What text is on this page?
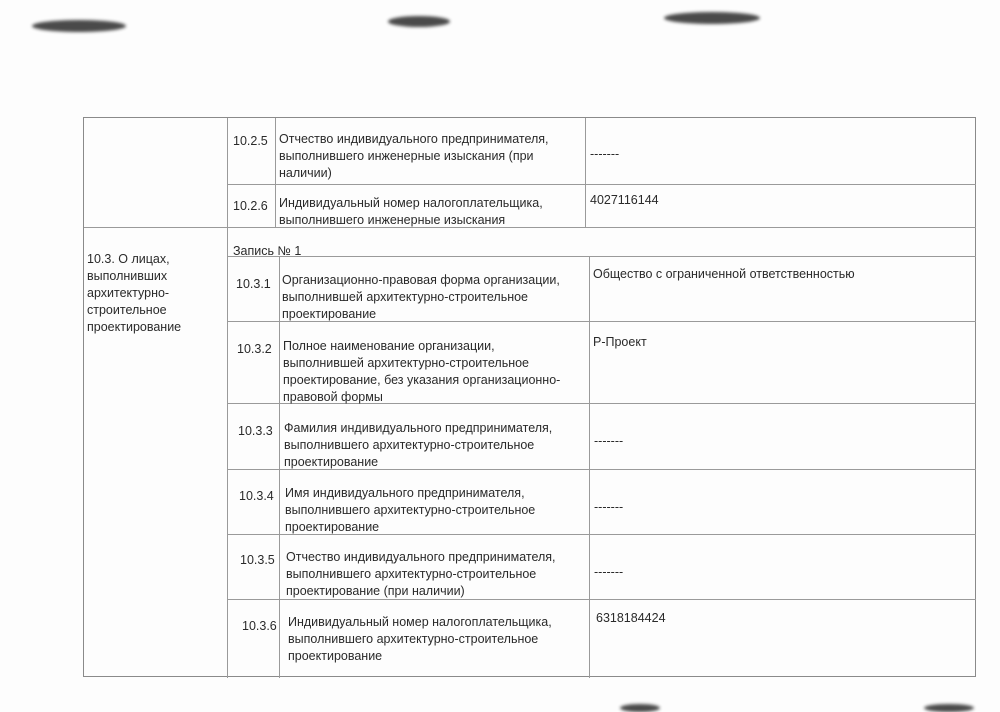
10.3. О лицах,
выполнивших
архитектурно-
строительное
проектирование

Запись № 1

10.2.5 Отчество индивидуального предпринимателя,
выполнившего инженерные изыскания (при
наличии)

-------

10.2.6 Индивидуальный номер налогоплательщика,
выполнившего инженерные изыскания

4027116144

10.3.1 Организационно-правовая форма организации,
выполнившей архитектурно-строительное
проектирование

Общество с ограниченной ответственностью

10.3.2 Полное наименование организации,
выполнившей архитектурно-строительное
проектирование, без указания организационно-
правовой формы

Р-Проект

10.3.3 Фамилия индивидуального предпринимателя,
выполнившего архитектурно-строительное
проектирование

-------

10.3.4 Имя индивидуального предпринимателя,
выполнившего архитектурно-строительное
проектирование

-------

10.3.5 Отчество индивидуального предпринимателя,
выполнившего архитектурно-строительное
проектирование (при наличии)

-------

10.3.6 Индивидуальный номер налогоплательщика,
выполнившего архитектурно-строительное
проектирование

6318184424
